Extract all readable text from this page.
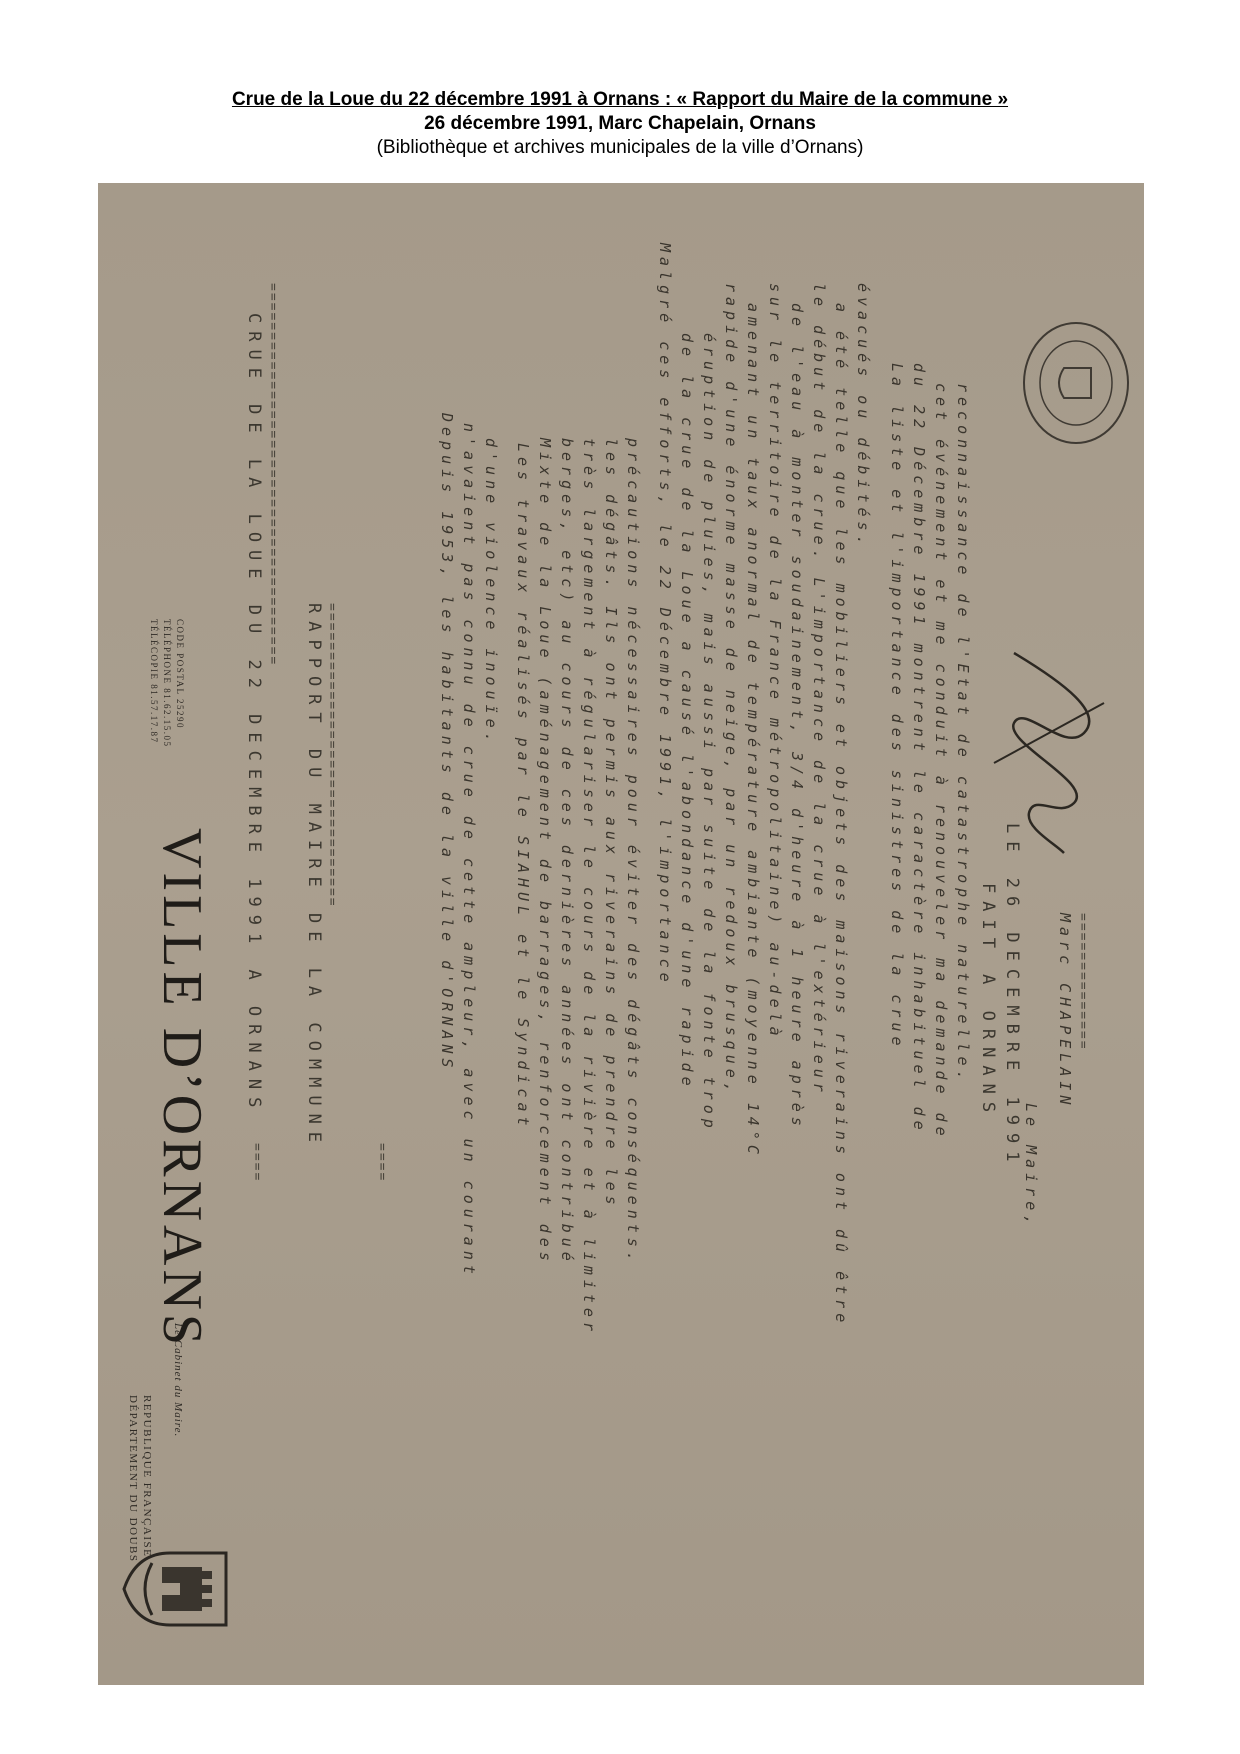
Crue de la Loue du 22 décembre 1991 à Ornans : « Rapport du Maire de la commune »
26 décembre 1991, Marc Chapelain, Ornans
(Bibliothèque et archives municipales de la ville d’Ornans)
REPUBLIQUE FRANÇAISE
DÉPARTEMENT DU DOUBS
Le Cabinet du Maire.
VILLE D’ORNANS
CODE POSTAL 25290
TÉLÉPHONE 81.62.15.05
TÉLÉCOPIE 81.57.17.87	CRUE DE LA LOUE DU 22 DECEMBRE 1991 A ORNANS =======================================
====
RAPPORT DU MAIRE DE LA COMMUNE ===============================
====
Depuis 1953, les habitants de la ville d'ORNANS n'avaient pas connu de crue de cette ampleur, avec un courant d'une violence inouïe. Les travaux réalisés par le SIAHUL et le Syndicat Mixte de la Loue (aménagement de barrages, renforcement des berges, etc) au cours de ces dernières années ont contribué très largement à régulariser le cours de la rivière et à limiter les dégâts. Ils ont permis aux riverains de prendre les précautions nécessaires pour éviter des dégâts conséquents. Malgré ces efforts, le 22 Décembre 1991, l'importance de la crue de la Loue a causé l'abondance d'une rapide éruption de pluies, mais aussi par suite de la fonte trop rapide d'une énorme masse de neige, par un redoux brusque, amenant un taux anormal de température ambiante (moyenne 14°C sur le territoire de la France métropolitaine) au-delà de l'eau à monter soudainement, 3/4 d'heure à 1 heure après le début de la crue. L'importance de la crue à l'extérieur a été telle que les mobiliers et objets des maisons riverains ont dû être évacués ou débités. La liste et l'importance des sinistres de la crue du 22 Décembre 1991 montrent le caractère inhabituel de cet événement et me conduit à renouveler ma demande de reconnaissance de l'Etat de catastrophe naturelle. FAIT A ORNANS LE 26 DECEMBRE 1991 Le Maire,
Marc CHAPELAIN ==============
